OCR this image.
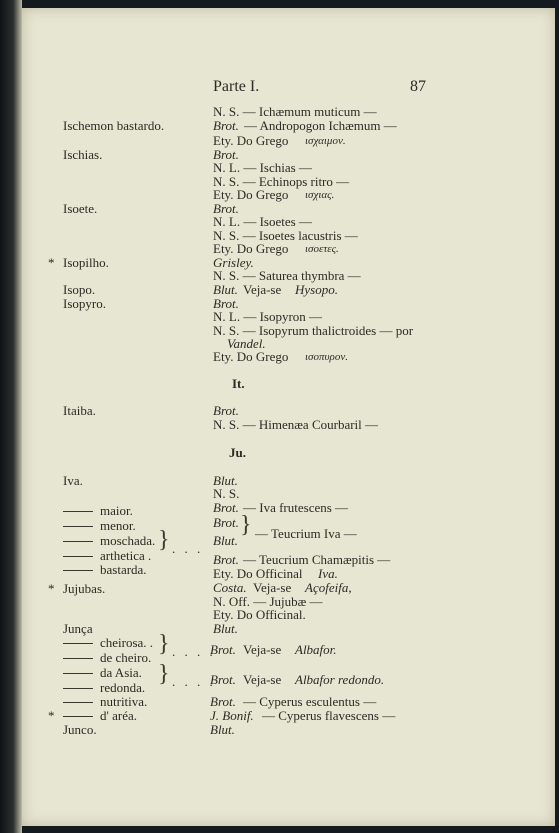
Parte I.	87
Ischemon bastardo.
Ischias.
Isoete.
* Isopilho.
Isopo.
Isopyro.
It.
Itaiba.
Ju.
Iva.
maior.
menor.
moschada.
arthetica .
} . . .
bastarda.
* Jujubas.
Junça
cheirosa. .
de cheiro.
} . . . .
da Asia.
redonda.
} . . . .
nutritiva.
*	d' aréa.
Junco.
N. S. — Ichæmum muticum —
Brot. — Andropogon Ichæmum —
Ety. Do Grego ισχαιμον.
Brot.
N. L. — Ischias —
N. S. — Echinops ritro —
Ety. Do Grego ισχιας.
Brot.
N. L. — Isoetes —
N. S. — Isoetes lacustris —
Ety. Do Grego ισοετες.
Grisley.
N. S. — Saturea thymbra —
Blut. Veja-se Hysopo.
Brot.
N. L. — Isopyron —
N. S. — Isopyrum thalictroides — por
Vandel.
Ety. Do Grego ισοπυρον.
Brot.
N. S. — Himenæa Courbaril —
Blut.
N. S.
Brot. — Iva frutescens —
Brot.
Blut.
} — Teucrium Iva —
Brot. — Teucrium Chamæpitis —
Ety. Do Officinal Iva.
Costa. Veja-se Açofeifa,
N. Off. — Jujubæ —
Ety. Do Officinal.
Blut.
Brot. Veja-se Albafor.
Brot. Veja-se Albafor redondo.
Brot. — Cyperus esculentus —
J. Bonif. — Cyperus flavescens —
Blut.
